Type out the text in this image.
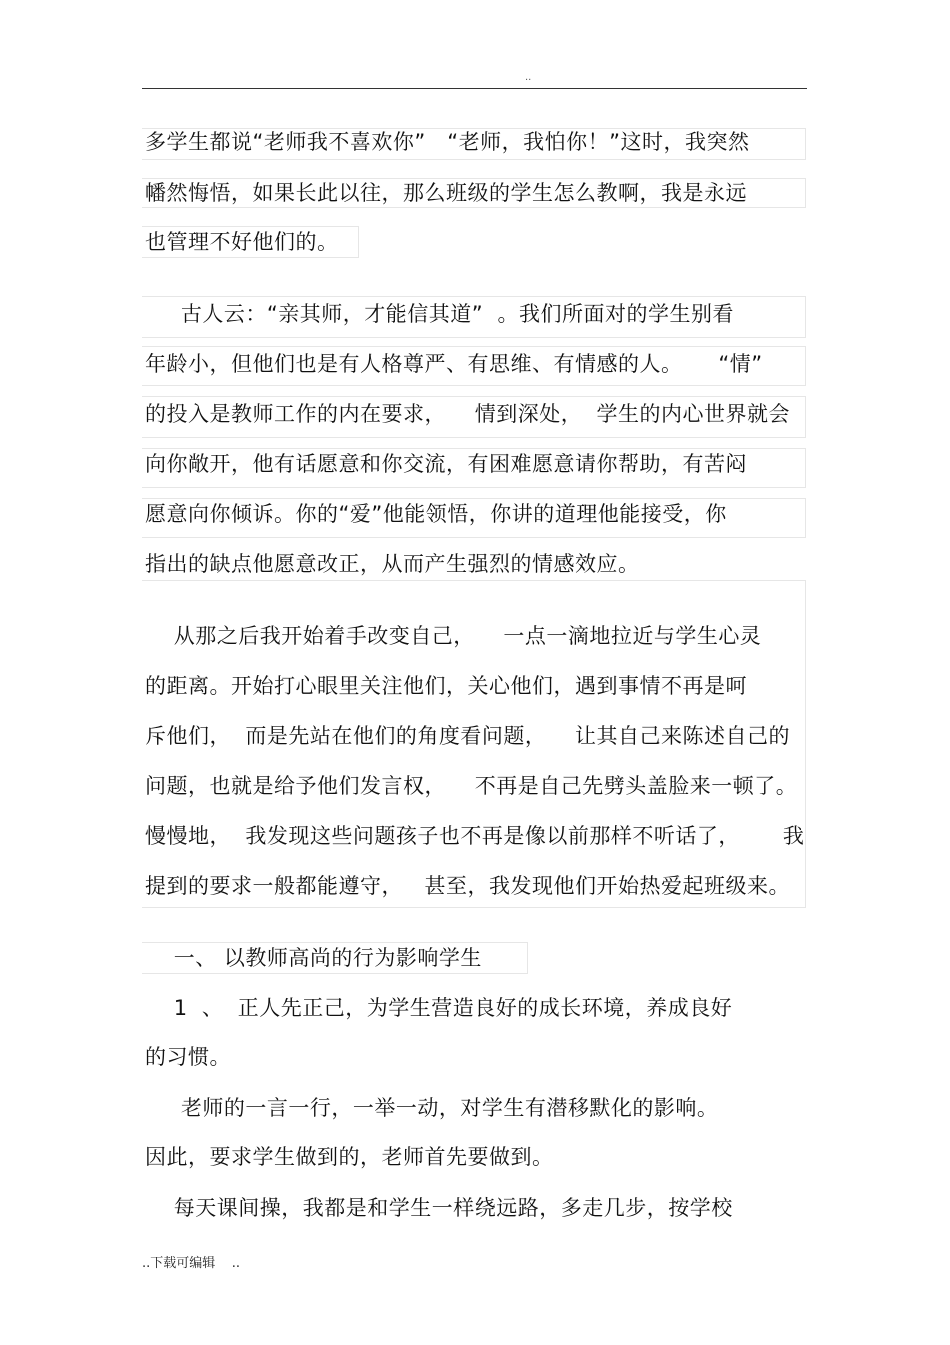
..
多学生都说“老师我不喜欢你”   “老师，我怕你！”这时，我突然
幡然悔悟，如果长此以往，那么班级的学生怎么教啊，我是永远
也管理不好他们的。
古人云：“亲其师，才能信其道”  。我们所面对的学生别看
年龄小，但他们也是有人格尊严、有思维、有情感的人。     “情”
的投入是教师工作的内在要求，    情到深处，  学生的内心世界就会
向你敞开，他有话愿意和你交流，有困难愿意请你帮助，有苦闷
愿意向你倾诉。你的“爱”他能领悟，你讲的道理他能接受，你
指出的缺点他愿意改正，从而产生强烈的情感效应。
从那之后我开始着手改变自己，    一点一滴地拉近与学生心灵
的距离。开始打心眼里关注他们，关心他们，遇到事情不再是呵
斥他们，  而是先站在他们的角度看问题，    让其自己来陈述自己的
问题，也就是给予他们发言权，    不再是自己先劈头盖脸来一顿了。
慢慢地，  我发现这些问题孩子也不再是像以前那样不听话了，      我
提到的要求一般都能遵守，   甚至，我发现他们开始热爱起班级来。
一、 以教师高尚的行为影响学生
1  、  正人先正己，为学生营造良好的成长环境，养成良好
的习惯。
老师的一言一行，一举一动，对学生有潜移默化的影响。
因此，要求学生做到的，老师首先要做到。
每天课间操，我都是和学生一样绕远路，多走几步，按学校
..下载可编辑    ..
